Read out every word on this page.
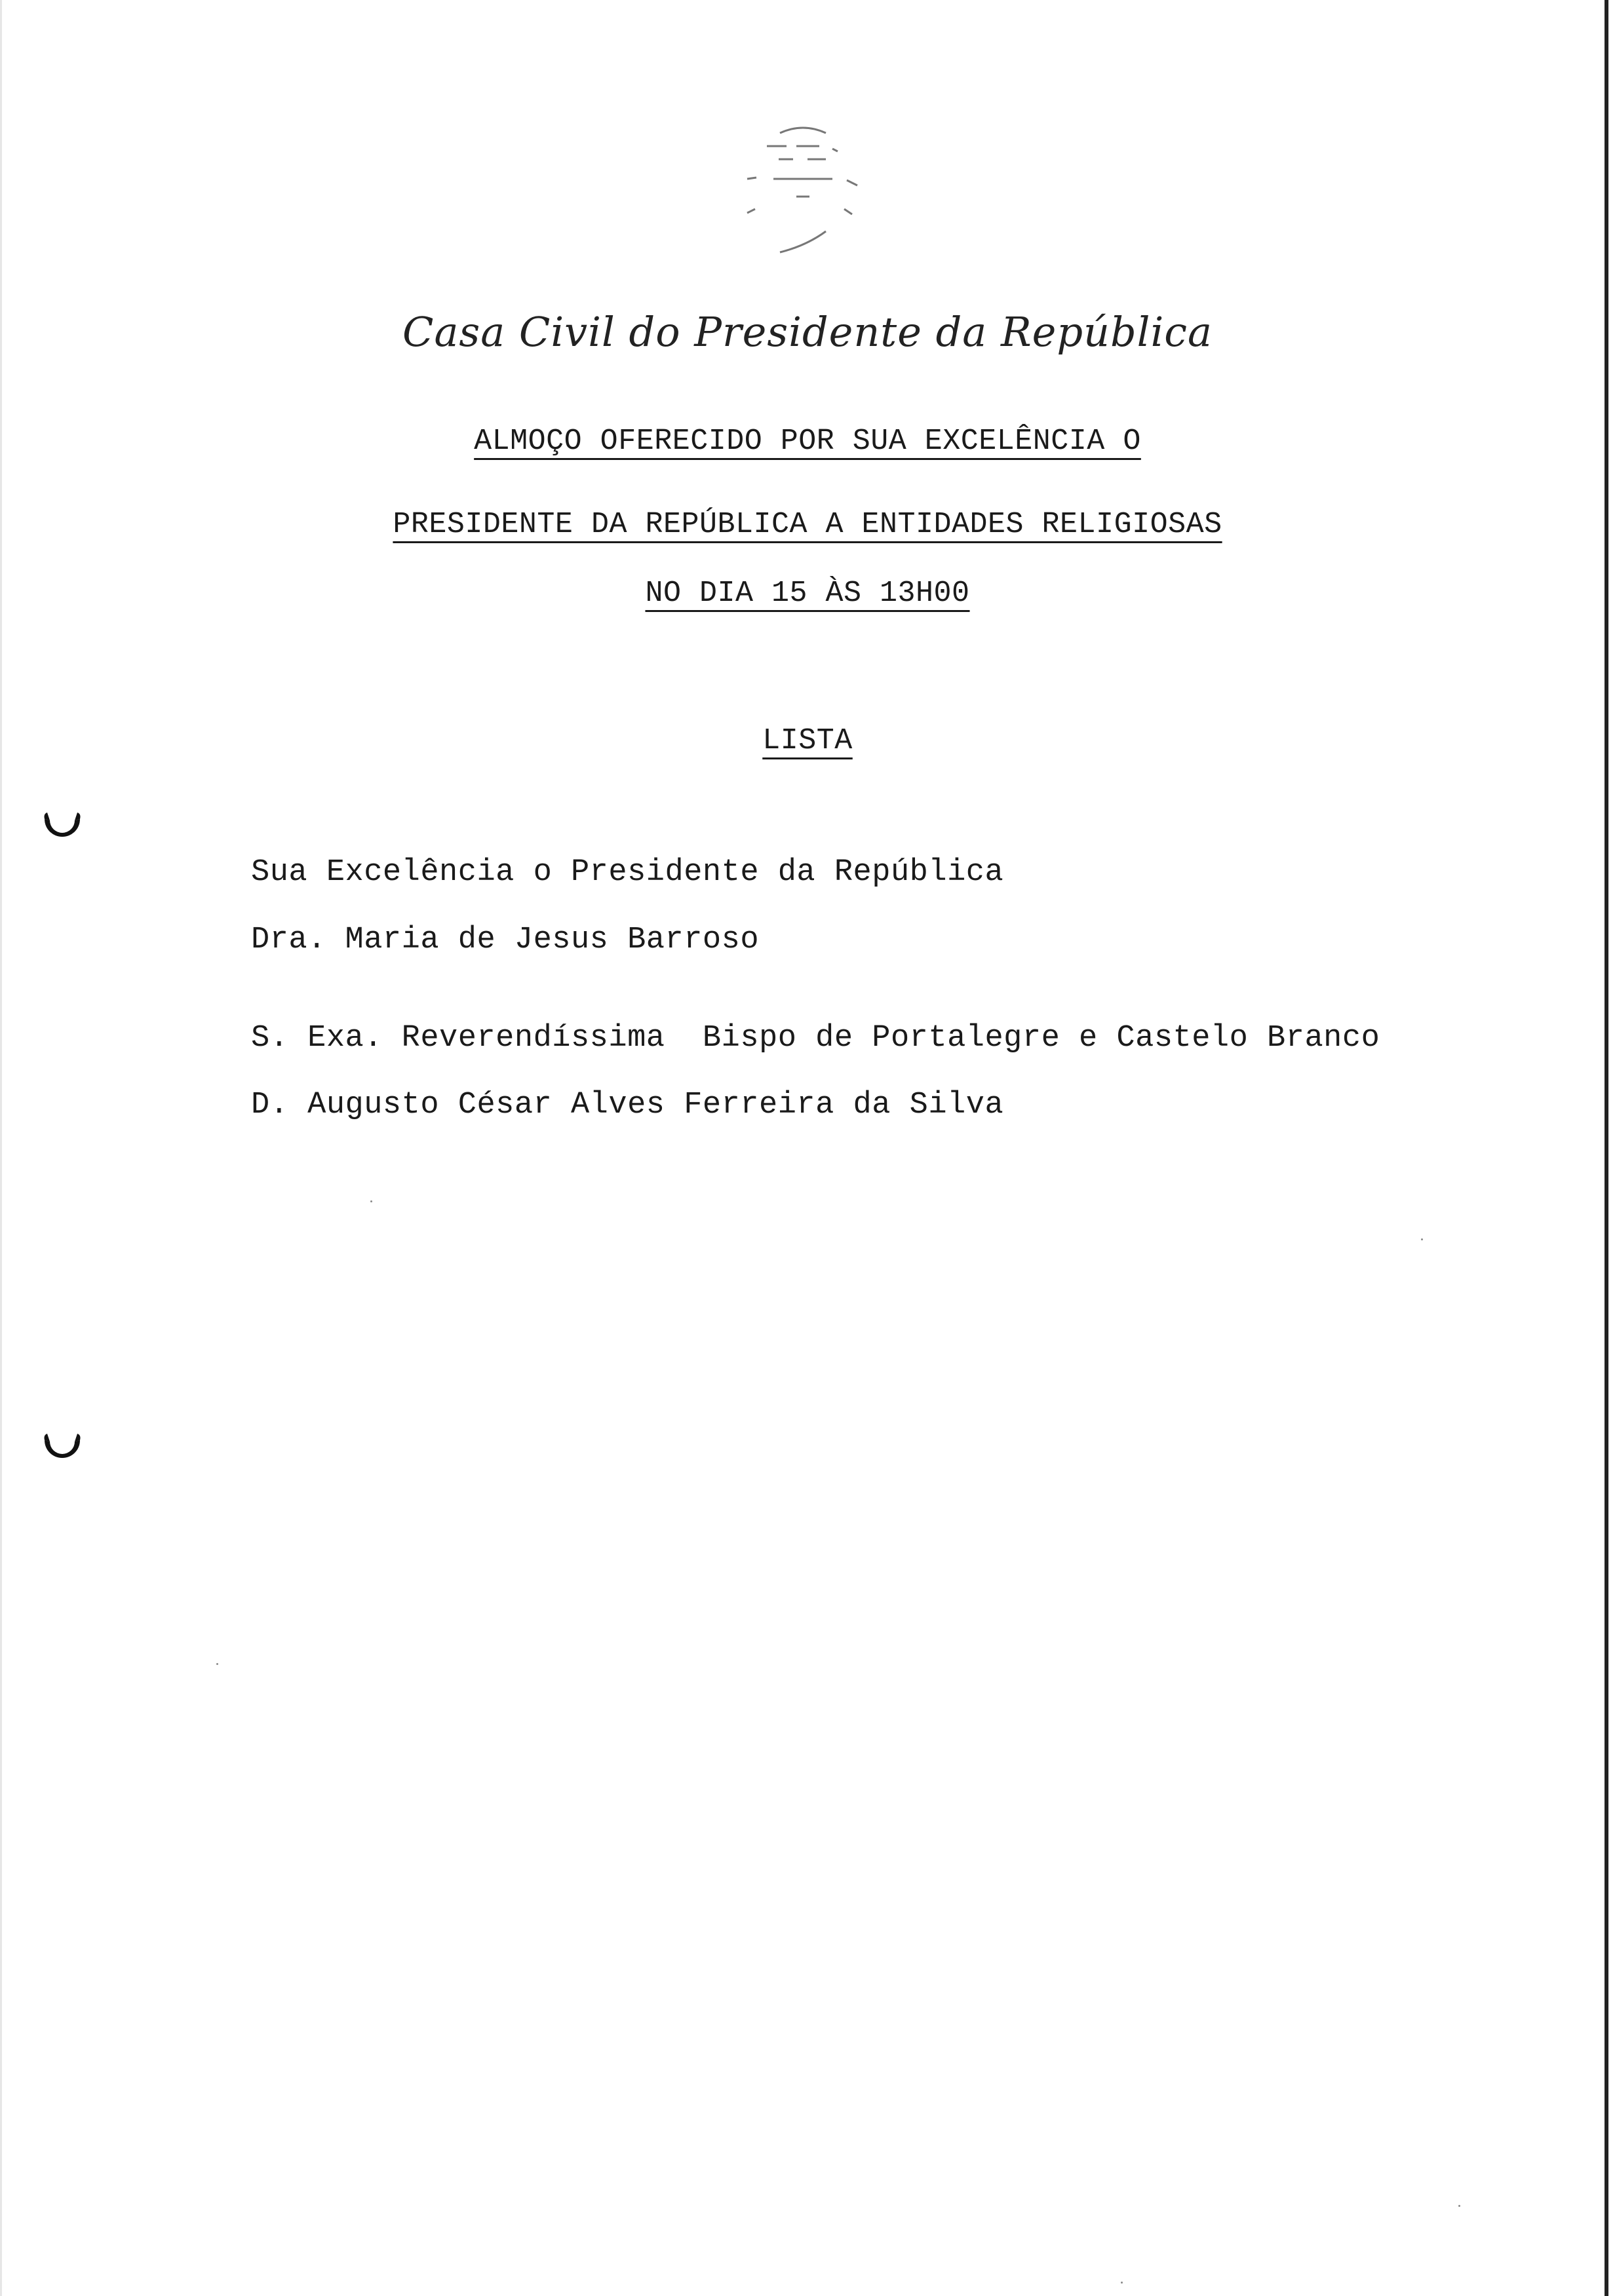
Casa Civil do Presidente da República
ALMOÇO OFERECIDO POR SUA EXCELÊNCIA O
PRESIDENTE DA REPÚBLICA A ENTIDADES RELIGIOSAS
NO DIA 15 ÀS 13H00
LISTA
Sua Excelência o Presidente da República
Dra. Maria de Jesus Barroso
S. Exa. Reverendíssima  Bispo de Portalegre e Castelo Branco
D. Augusto César Alves Ferreira da Silva
